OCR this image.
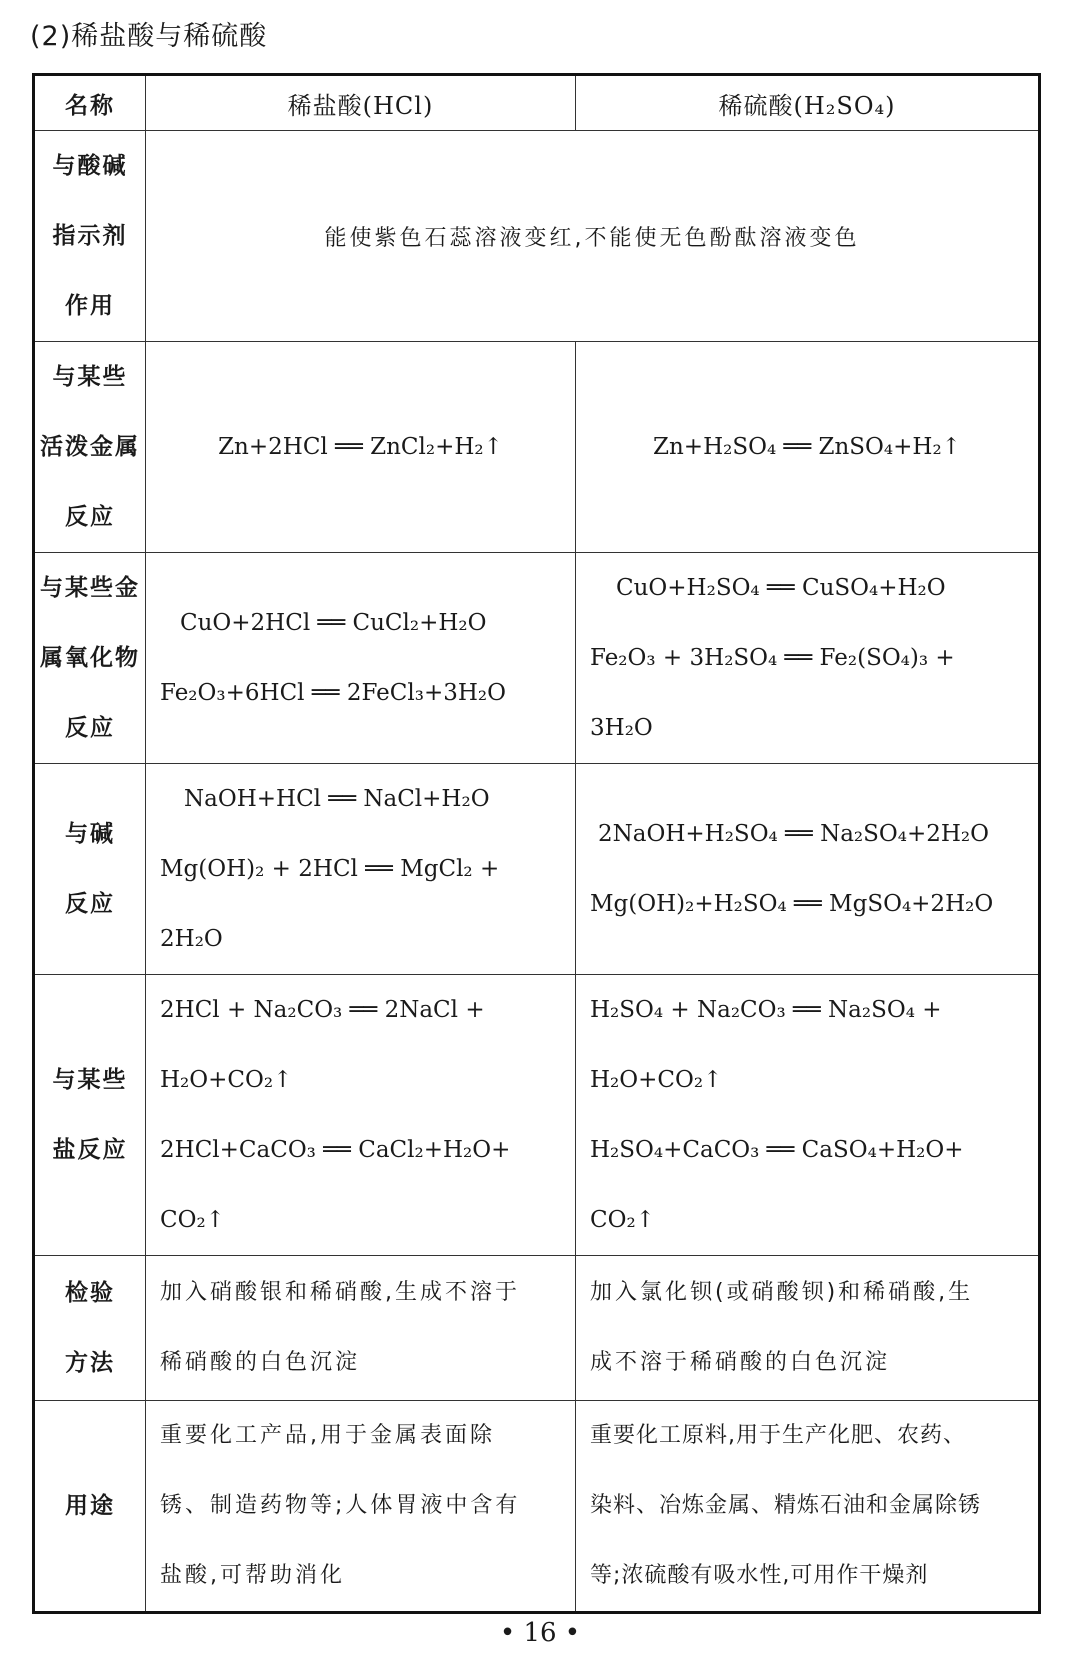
(2)稀盐酸与稀硫酸
名称	稀盐酸(HCl)	稀硫酸(H₂SO₄)

与酸碱
指示剂
作用	能使紫色石蕊溶液变红,不能使无色酚酞溶液变色	

与某些
活泼金属
反应	Zn+2HCl ══ ZnCl₂+H₂↑	Zn+H₂SO₄ ══ ZnSO₄+H₂↑

与某些金
属氧化物
反应	CuO+2HCl ══ CuCl₂+H₂O
Fe₂O₃+6HCl ══ 2FeCl₃+3H₂O	CuO+H₂SO₄ ══ CuSO₄+H₂O
Fe₂O₃ + 3H₂SO₄ ══ Fe₂(SO₄)₃ +
3H₂O

与碱
反应	NaOH+HCl ══ NaCl+H₂O
Mg(OH)₂ + 2HCl ══ MgCl₂ +
2H₂O	2NaOH+H₂SO₄ ══ Na₂SO₄+2H₂O
Mg(OH)₂+H₂SO₄ ══ MgSO₄+2H₂O

与某些
盐反应	2HCl + Na₂CO₃ ══ 2NaCl +
H₂O+CO₂↑
2HCl+CaCO₃ ══ CaCl₂+H₂O+
CO₂↑	H₂SO₄ + Na₂CO₃ ══ Na₂SO₄ +
H₂O+CO₂↑
H₂SO₄+CaCO₃ ══ CaSO₄+H₂O+
CO₂↑

检验
方法	加入硝酸银和稀硝酸,生成不溶于
稀硝酸的白色沉淀	加入氯化钡(或硝酸钡)和稀硝酸,生
成不溶于稀硝酸的白色沉淀

用途	重要化工产品,用于金属表面除
锈、制造药物等;人体胃液中含有
盐酸,可帮助消化	重要化工原料,用于生产化肥、农药、
染料、冶炼金属、精炼石油和金属除锈
等;浓硫酸有吸水性,可用作干燥剂
• 16 •
